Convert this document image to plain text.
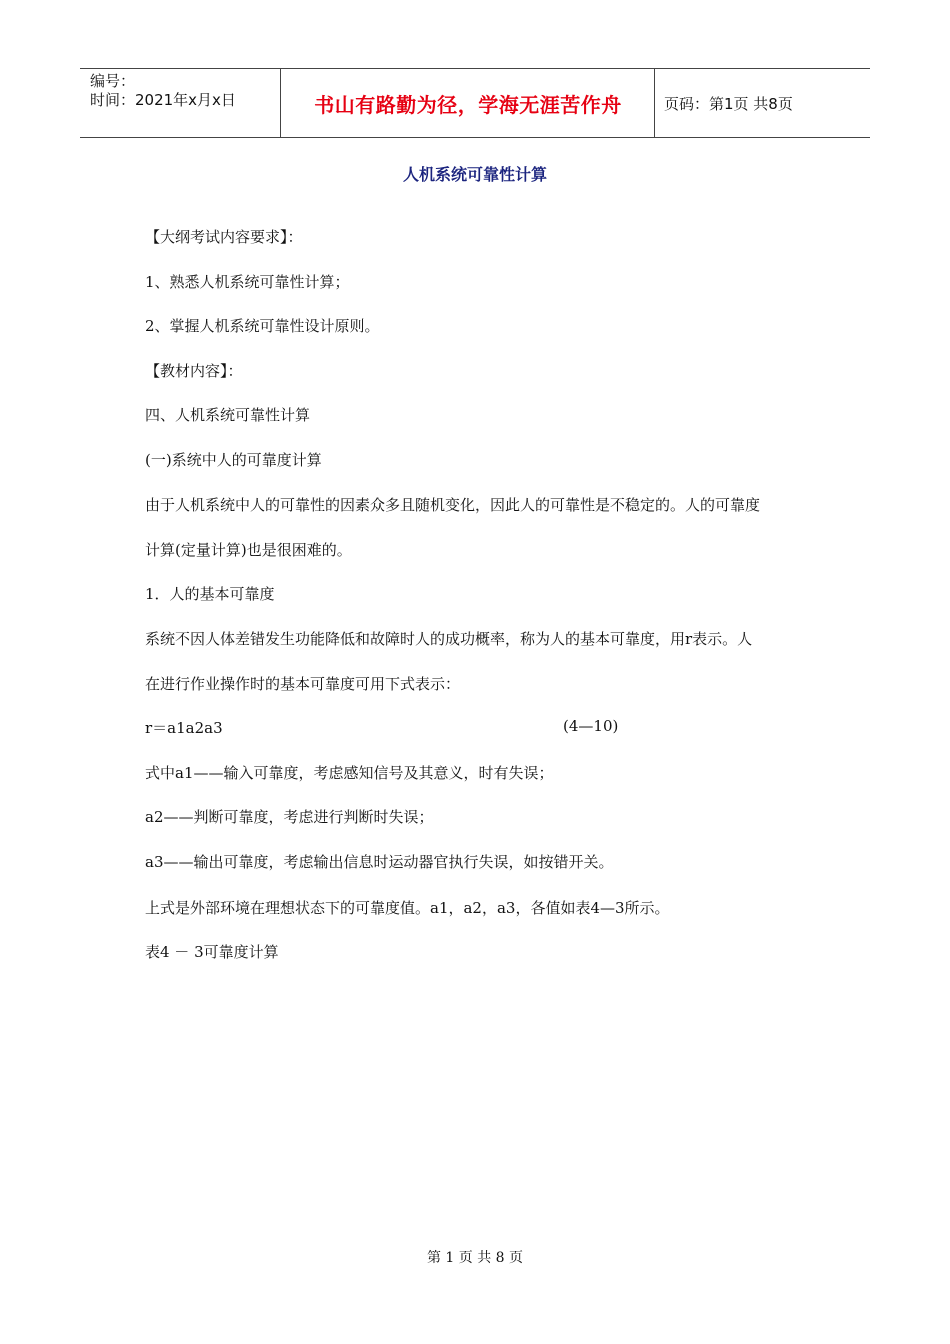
编号：
时间：2021年x月x日	书山有路勤为径，学海无涯苦作舟	页码：第1页 共8页
人机系统可靠性计算
【大纲考试内容要求】：
1、熟悉人机系统可靠性计算；
2、掌握人机系统可靠性设计原则。
【教材内容】：
四、人机系统可靠性计算
(一)系统中人的可靠度计算
由于人机系统中人的可靠性的因素众多且随机变化，因此人的可靠性是不稳定的。人的可靠度
计算(定量计算)也是很困难的。
1．人的基本可靠度
系统不因人体差错发生功能降低和故障时人的成功概率，称为人的基本可靠度，用r表示。人
在进行作业操作时的基本可靠度可用下式表示：
r＝a1a2a3	(4—10)
式中a1——输入可靠度，考虑感知信号及其意义，时有失误；
a2——判断可靠度，考虑进行判断时失误；
a3——输出可靠度，考虑输出信息时运动器官执行失误，如按错开关。
上式是外部环境在理想状态下的可靠度值。a1，a2，a3，各值如表4—3所示。
表4 － 3可靠度计算
第 1 页 共 8 页
